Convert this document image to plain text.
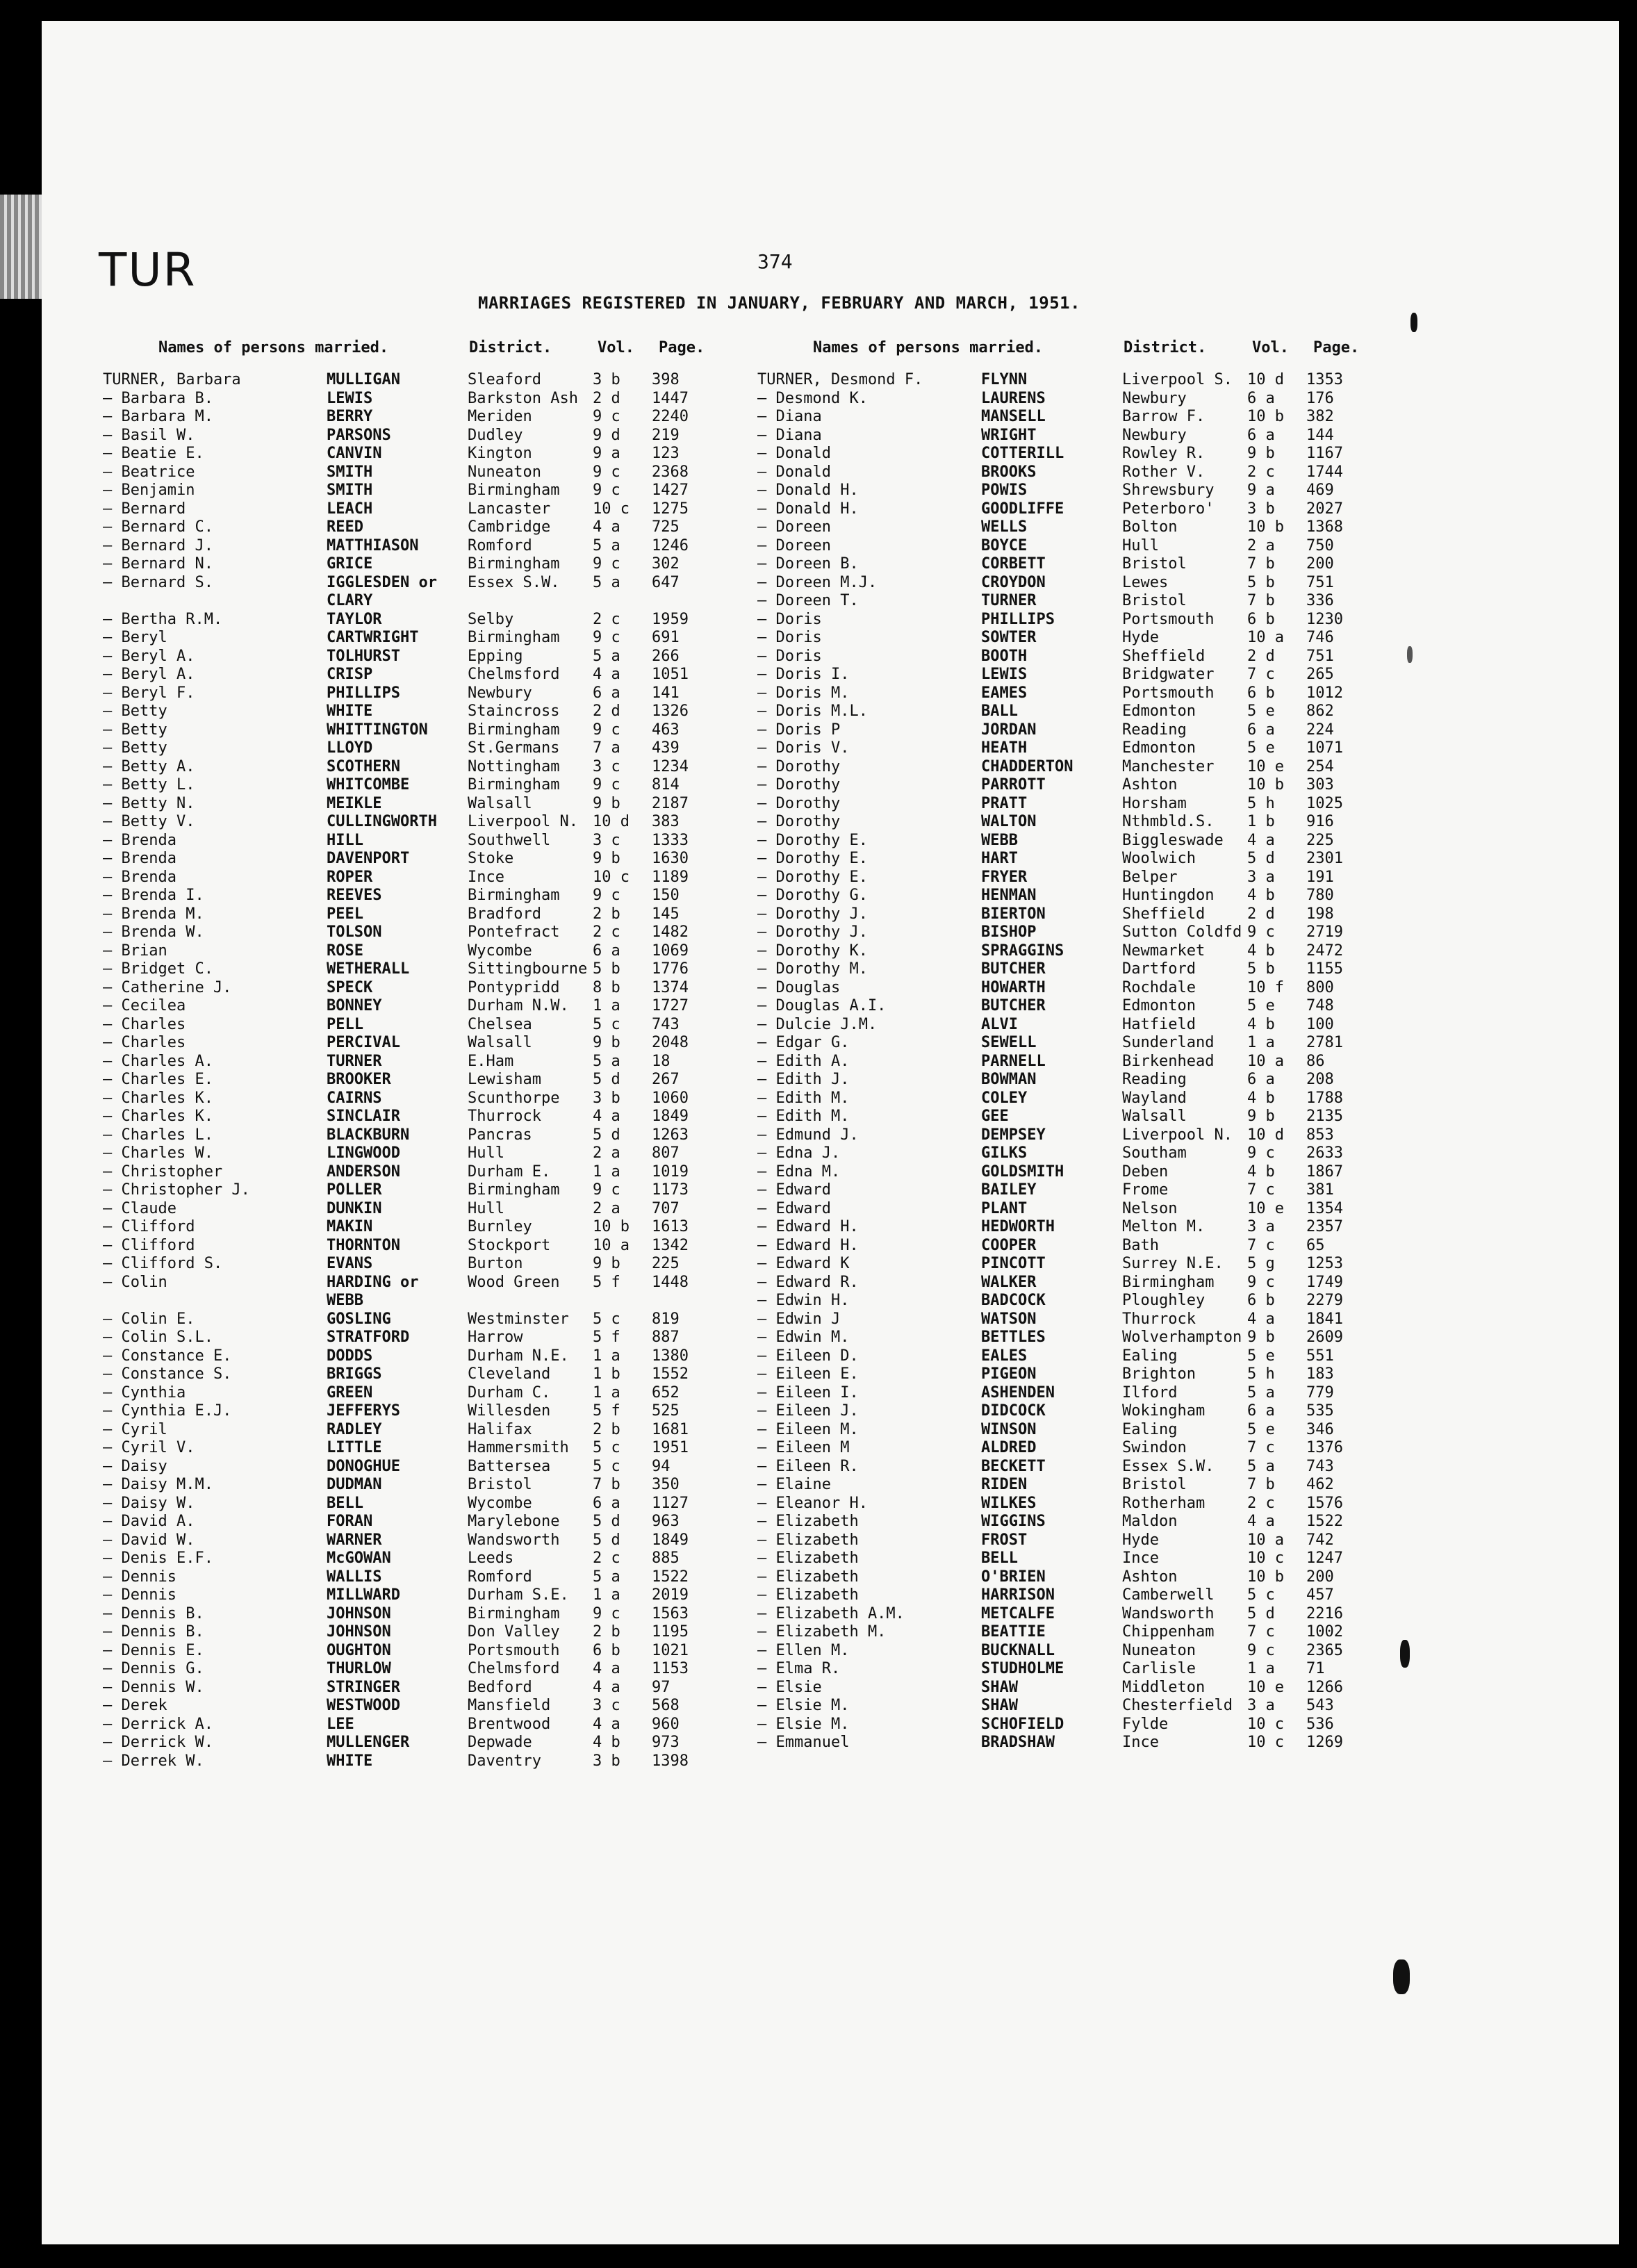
TUR	374
MARRIAGES REGISTERED IN JANUARY, FEBRUARY AND MARCH, 1951.
Names of persons married.	District.	Vol. Page.
TURNER, Barbara	MULLIGAN	Sleaford	3 b 398
— Barbara B.	LEWIS	Barkston Ash 2 d 1447
— Barbara M.	BERRY	Meriden	9 c 2240
— Basil W.	PARSONS	Dudley	9 d 219
— Beatie E.	CANVIN	Kington	9 a 123
— Beatrice	SMITH	Nuneaton	9 c 2368
— Benjamin	SMITH	Birmingham 9 c 1427
— Bernard	LEACH	Lancaster	10 c 1275
— Bernard C.	REED	Cambridge	4 a 725
— Bernard J.	MATTHIASON	Romford	5 a 1246
— Bernard N.	GRICE	Birmingham 9 c 302
— Bernard S.	IGGLESDEN or Essex S.W. 5 a 647
CLARY
— Bertha R.M.	TAYLOR	Selby	2 c 1959
— Beryl	CARTWRIGHT	Birmingham 9 c 691
— Beryl A.	TOLHURST	Epping	5 a 266
— Beryl A.	CRISP	Chelmsford 4 a 1051
— Beryl F.	PHILLIPS	Newbury	6 a 141
— Betty	WHITE	Staincross 2 d 1326
— Betty	WHITTINGTON	Birmingham 9 c 463
— Betty	LLOYD	St.Germans 7 a 439
— Betty A.	SCOTHERN	Nottingham 3 c 1234
— Betty L.	WHITCOMBE	Birmingham 9 c 814
— Betty N.	MEIKLE	Walsall	9 b 2187
— Betty V.	CULLINGWORTH Liverpool N. 10 d 383
— Brenda	HILL	Southwell	3 c 1333
— Brenda	DAVENPORT	Stoke	9 b 1630
— Brenda	ROPER	Ince	10 c 1189
— Brenda I.	REEVES	Birmingham 9 c 150
— Brenda M.	PEEL	Bradford	2 b 145
— Brenda W.	TOLSON	Pontefract 2 c 1482
— Brian	ROSE	Wycombe	6 a 1069
— Bridget C.	WETHERALL	Sittingbourne 5 b 1776
— Catherine J.	SPECK	Pontypridd 8 b 1374
— Cecilea	BONNEY	Durham N.W. 1 a 1727
— Charles	PELL	Chelsea	5 c 743
— Charles	PERCIVAL	Walsall	9 b 2048
— Charles A.	TURNER	E.Ham	5 a 18
— Charles E.	BROOKER	Lewisham	5 d 267
— Charles K.	CAIRNS	Scunthorpe 3 b 1060
— Charles K.	SINCLAIR	Thurrock	4 a 1849
— Charles L.	BLACKBURN	Pancras	5 d 1263
— Charles W.	LINGWOOD	Hull	2 a 807
— Christopher	ANDERSON	Durham E.	1 a 1019
— Christopher J.	POLLER	Birmingham 9 c 1173
— Claude	DUNKIN	Hull	2 a 707
— Clifford	MAKIN	Burnley	10 b 1613
— Clifford	THORNTON	Stockport	10 a 1342
— Clifford S.	EVANS	Burton	9 b 225
— Colin	HARDING or	Wood Green 5 f 1448
WEBB
— Colin E.	GOSLING	Westminster 5 c 819
— Colin S.L.	STRATFORD	Harrow	5 f 887
— Constance E.	DODDS	Durham N.E. 1 a 1380
— Constance S.	BRIGGS	Cleveland	1 b 1552
— Cynthia	GREEN	Durham C.	1 a 652
— Cynthia E.J.	JEFFERYS	Willesden	5 f 525
— Cyril	RADLEY	Halifax	2 b 1681
— Cyril V.	LITTLE	Hammersmith 5 c 1951
— Daisy	DONOGHUE	Battersea	5 c 94
— Daisy M.M.	DUDMAN	Bristol	7 b 350
— Daisy W.	BELL	Wycombe	6 a 1127
— David A.	FORAN	Marylebone 5 d 963
— David W.	WARNER	Wandsworth 5 d 1849
— Denis E.F.	McGOWAN	Leeds	2 c 885
— Dennis	WALLIS	Romford	5 a 1522
— Dennis	MILLWARD	Durham S.E. 1 a 2019
— Dennis B.	JOHNSON	Birmingham 9 c 1563
— Dennis B.	JOHNSON	Don Valley 2 b 1195
— Dennis E.	OUGHTON	Portsmouth 6 b 1021
— Dennis G.	THURLOW	Chelmsford 4 a 1153
— Dennis W.	STRINGER	Bedford	4 a 97
— Derek	WESTWOOD	Mansfield	3 c 568
— Derrick A.	LEE	Brentwood	4 a 960
— Derrick W.	MULLENGER	Depwade	4 b 973
— Derrek W.	WHITE	Daventry	3 b 1398
Names of persons married.	District.	Vol. Page.
TURNER, Desmond F.	FLYNN	Liverpool S. 10 d 1353
— Desmond K.	LAURENS	Newbury	6 a 176
— Diana	MANSELL	Barrow F.	10 b 382
— Diana	WRIGHT	Newbury	6 a 144
— Donald	COTTERILL	Rowley R.	9 b 1167
— Donald	BROOKS	Rother V.	2 c 1744
— Donald H.	POWIS	Shrewsbury 9 a 469
— Donald H.	GOODLIFFE	Peterboro' 3 b 2027
— Doreen	WELLS	Bolton	10 b 1368
— Doreen	BOYCE	Hull	2 a 750
— Doreen B.	CORBETT	Bristol	7 b 200
— Doreen M.J.	CROYDON	Lewes	5 b 751
— Doreen T.	TURNER	Bristol	7 b 336
— Doris	PHILLIPS	Portsmouth 6 b 1230
— Doris	SOWTER	Hyde	10 a 746
— Doris	BOOTH	Sheffield	2 d 751
— Doris I.	LEWIS	Bridgwater 7 c 265
— Doris M.	EAMES	Portsmouth 6 b 1012
— Doris M.L.	BALL	Edmonton	5 e 862
— Doris P	JORDAN	Reading	6 a 224
— Doris V.	HEATH	Edmonton	5 e 1071
— Dorothy	CHADDERTON	Manchester 10 e 254
— Dorothy	PARROTT	Ashton	10 b 303
— Dorothy	PRATT	Horsham	5 h 1025
— Dorothy	WALTON	Nthmbld.S. 1 b 916
— Dorothy E.	WEBB	Biggleswade 4 a 225
— Dorothy E.	HART	Woolwich	5 d 2301
— Dorothy E.	FRYER	Belper	3 a 191
— Dorothy G.	HENMAN	Huntingdon 4 b 780
— Dorothy J.	BIERTON	Sheffield	2 d 198
— Dorothy J.	BISHOP	Sutton Coldfd 9 c 2719
— Dorothy K.	SPRAGGINS	Newmarket	4 b 2472
— Dorothy M.	BUTCHER	Dartford	5 b 1155
— Douglas	HOWARTH	Rochdale	10 f 800
— Douglas A.I.	BUTCHER	Edmonton	5 e 748
— Dulcie J.M.	ALVI	Hatfield	4 b 100
— Edgar G.	SEWELL	Sunderland 1 a 2781
— Edith A.	PARNELL	Birkenhead 10 a 86
— Edith J.	BOWMAN	Reading	6 a 208
— Edith M.	COLEY	Wayland	4 b 1788
— Edith M.	GEE	Walsall	9 b 2135
— Edmund J.	DEMPSEY	Liverpool N. 10 d 853
— Edna J.	GILKS	Southam	9 c 2633
— Edna M.	GOLDSMITH	Deben	4 b 1867
— Edward	BAILEY	Frome	7 c 381
— Edward	PLANT	Nelson	10 e 1354
— Edward H.	HEDWORTH	Melton M.	3 a 2357
— Edward H.	COOPER	Bath	7 c 65
— Edward K	PINCOTT	Surrey N.E. 5 g 1253
— Edward R.	WALKER	Birmingham 9 c 1749
— Edwin H.	BADCOCK	Ploughley	6 b 2279
— Edwin J	WATSON	Thurrock	4 a 1841
— Edwin M.	BETTLES	Wolverhampton 9 b 2609
— Eileen D.	EALES	Ealing	5 e 551
— Eileen E.	PIGEON	Brighton	5 h 183
— Eileen I.	ASHENDEN	Ilford	5 a 779
— Eileen J.	DIDCOCK	Wokingham	6 a 535
— Eileen M.	WINSON	Ealing	5 e 346
— Eileen M	ALDRED	Swindon	7 c 1376
— Eileen R.	BECKETT	Essex S.W. 5 a 743
— Elaine	RIDEN	Bristol	7 b 462
— Eleanor H.	WILKES	Rotherham	2 c 1576
— Elizabeth	WIGGINS	Maldon	4 a 1522
— Elizabeth	FROST	Hyde	10 a 742
— Elizabeth	BELL	Ince	10 c 1247
— Elizabeth	O'BRIEN	Ashton	10 b 200
— Elizabeth	HARRISON	Camberwell 5 c 457
— Elizabeth A.M.	METCALFE	Wandsworth 5 d 2216
— Elizabeth M.	BEATTIE	Chippenham 7 c 1002
— Ellen M.	BUCKNALL	Nuneaton	9 c 2365
— Elma R.	STUDHOLME	Carlisle	1 a 71
— Elsie	SHAW	Middleton	10 e 1266
— Elsie M.	SHAW	Chesterfield 3 a 543
— Elsie M.	SCHOFIELD	Fylde	10 c 536
— Emmanuel	BRADSHAW	Ince	10 c 1269
